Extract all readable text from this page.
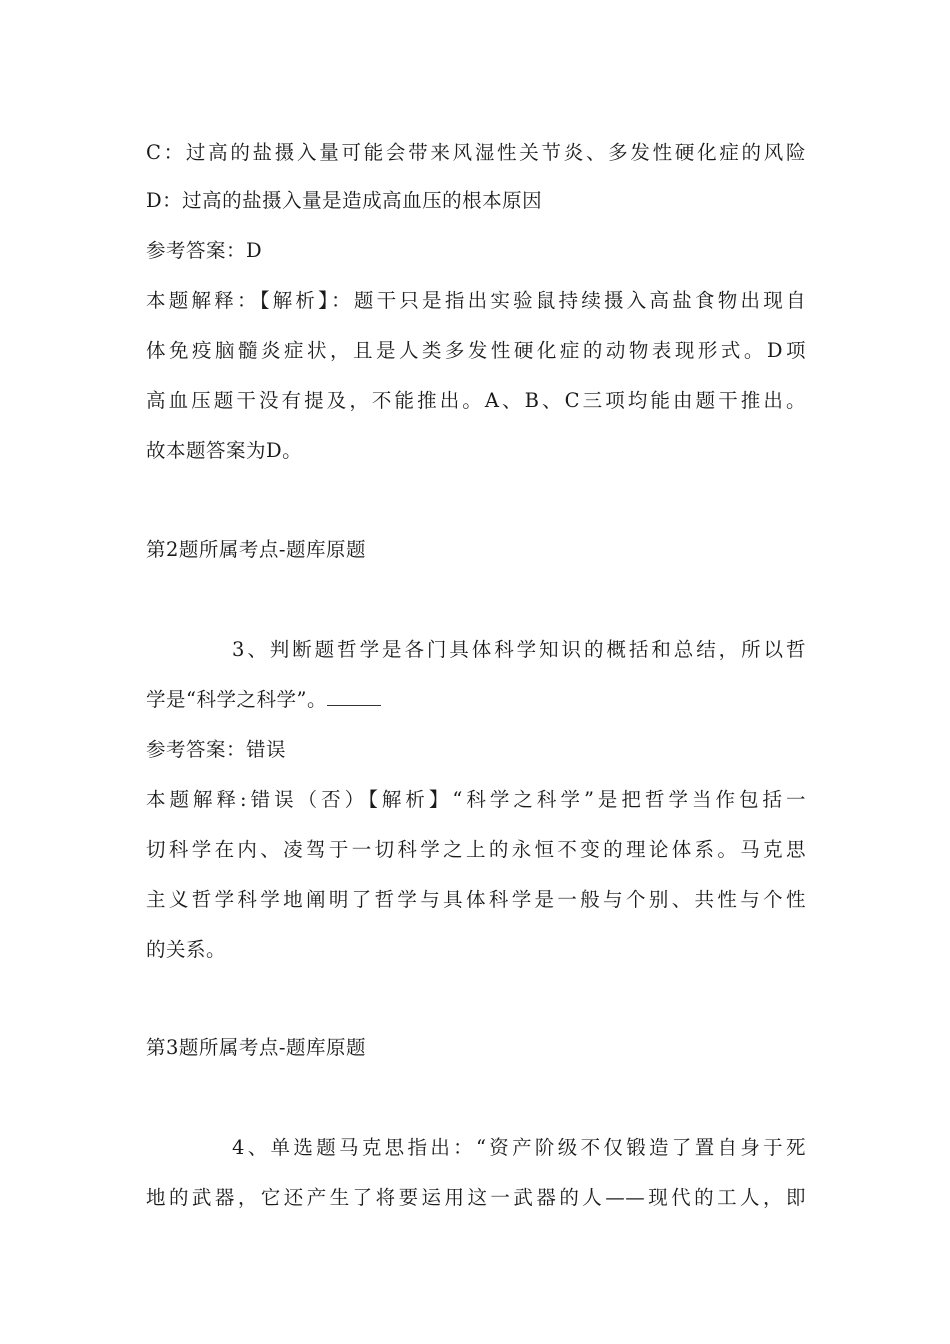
C：过高的盐摄入量可能会带来风湿性关节炎、多发性硬化症的风险
D：过高的盐摄入量是造成高血压的根本原因
参考答案：D
本题解释：【解析】：题干只是指出实验鼠持续摄入高盐食物出现自
体免疫脑髓炎症状，且是人类多发性硬化症的动物表现形式。D项
高血压题干没有提及，不能推出。A、B、C三项均能由题干推出。
故本题答案为D。
第2题所属考点-题库原题
3、判断题哲学是各门具体科学知识的概括和总结，所以哲
学是“科学之科学”。
参考答案：错误
本题解释:错误（否）【解析】“科学之科学”是把哲学当作包括一
切科学在内、凌驾于一切科学之上的永恒不变的理论体系。马克思
主义哲学科学地阐明了哲学与具体科学是一般与个别、共性与个性
的关系。
第3题所属考点-题库原题
4、单选题马克思指出：“资产阶级不仅锻造了置自身于死
地的武器，它还产生了将要运用这一武器的人——现代的工人，即
